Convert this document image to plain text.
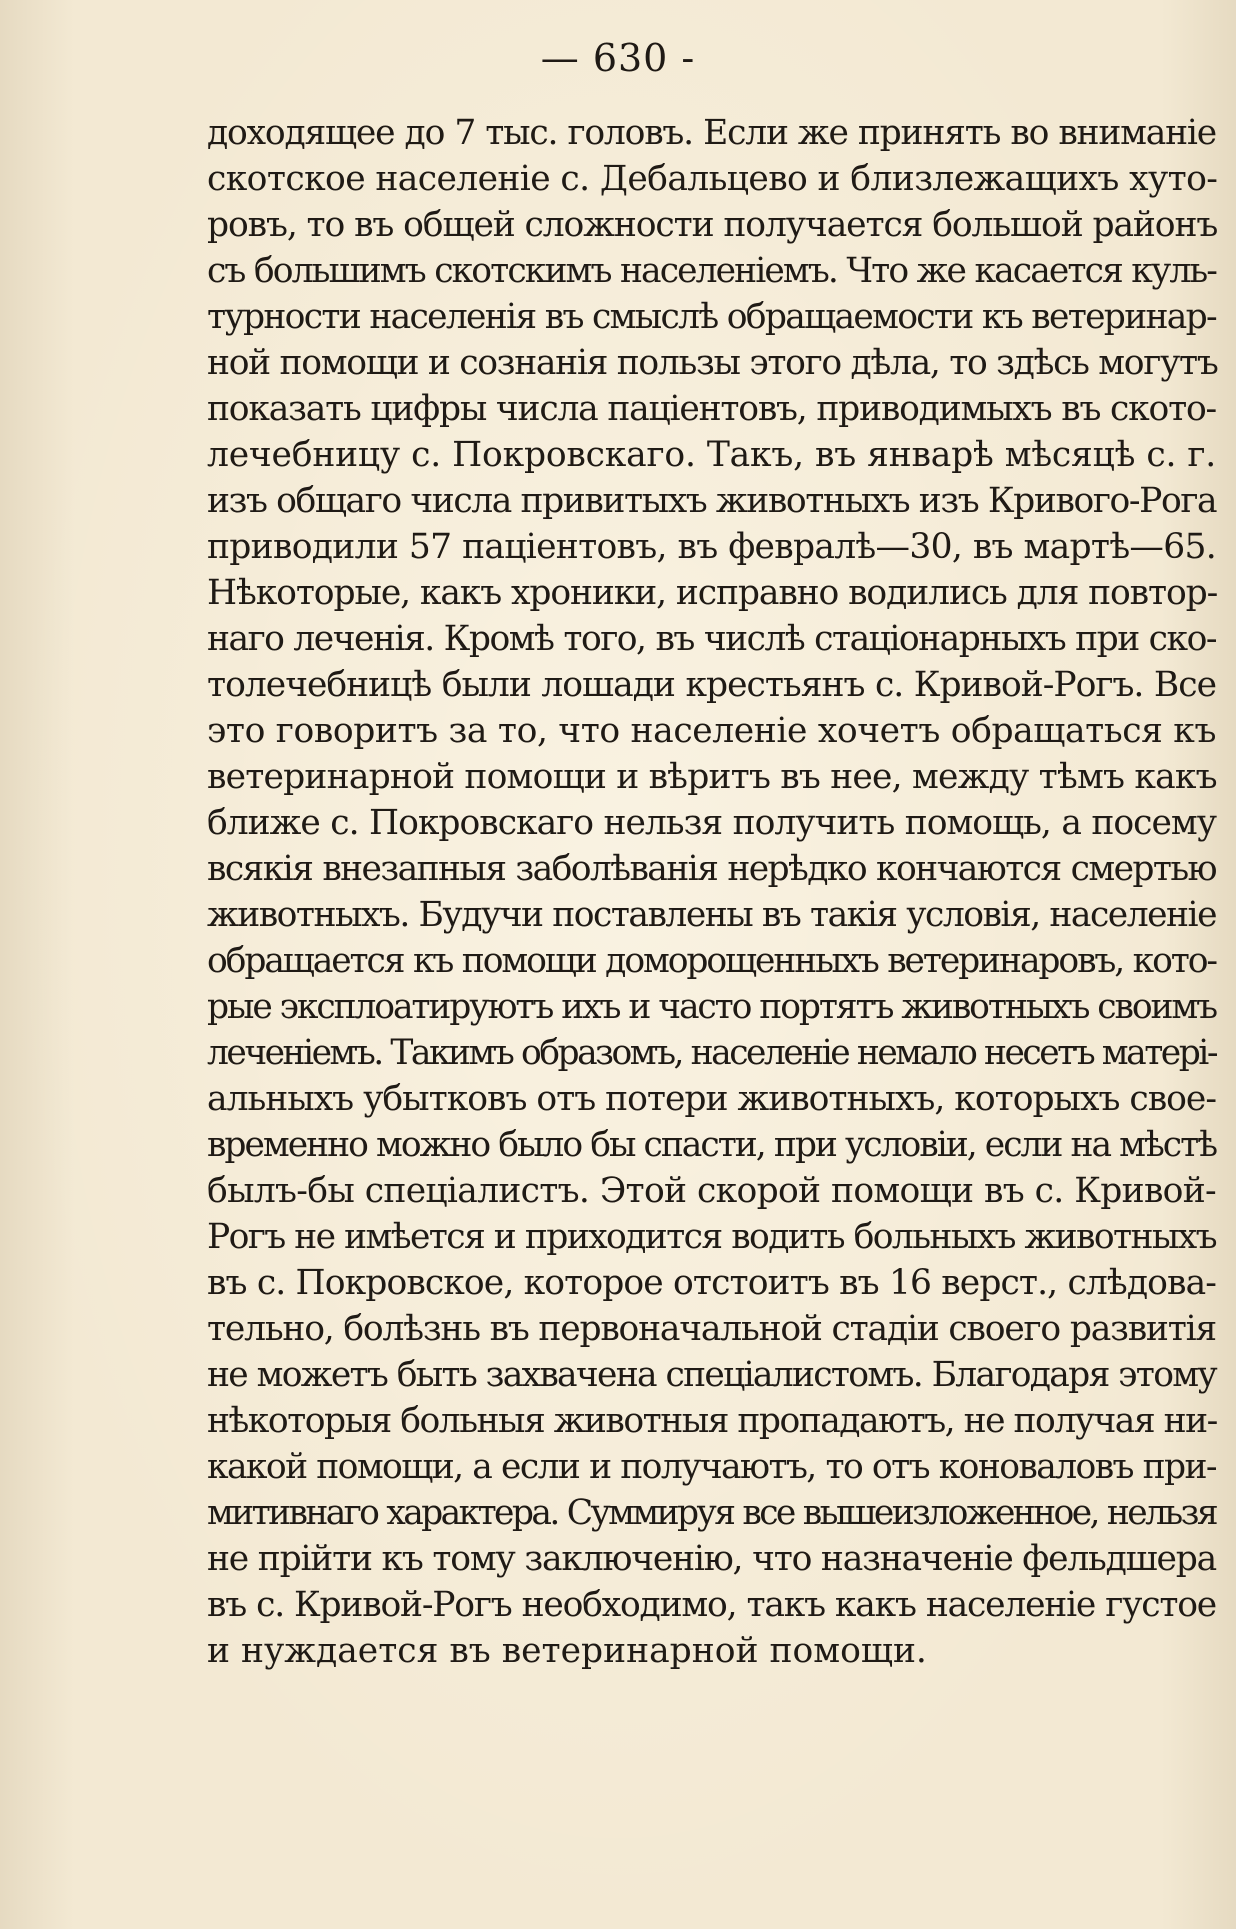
— 630 -
доходящее до 7 тыс. головъ. Если же принять во вниманіе
скотское населеніе с. Дебальцево и близлежащихъ хуто-
ровъ, то въ общей сложности получается большой районъ
съ большимъ скотскимъ населеніемъ. Что же касается куль-
турности населенія въ смыслѣ обращаемости къ ветеринар-
ной помощи и сознанія пользы этого дѣла, то здѣсь могутъ
показать цифры числа паціентовъ, приводимыхъ въ ското-
лечебницу с. Покровскаго. Такъ, въ январѣ мѣсяцѣ с. г.
изъ общаго числа привитыхъ животныхъ изъ Кривого-Рога
приводили 57 паціентовъ, въ февралѣ—30, въ мартѣ—65.
Нѣкоторые, какъ хроники, исправно водились для повтор-
наго леченія. Кромѣ того, въ числѣ стаціонарныхъ при ско-
толечебницѣ были лошади крестьянъ с. Кривой-Рогъ. Все
это говоритъ за то, что населеніе хочетъ обращаться къ
ветеринарной помощи и вѣритъ въ нее, между тѣмъ какъ
ближе с. Покровскаго нельзя получить помощь, а посему
всякія внезапныя заболѣванія нерѣдко кончаются смертью
животныхъ. Будучи поставлены въ такія условія, населеніе
обращается къ помощи доморощенныхъ ветеринаровъ, кото-
рые эксплоатируютъ ихъ и часто портятъ животныхъ своимъ
леченіемъ. Такимъ образомъ, населеніе немало несетъ матері-
альныхъ убытковъ отъ потери животныхъ, которыхъ свое-
временно можно было бы спасти, при условіи, если на мѣстѣ
былъ-бы спеціалистъ. Этой скорой помощи въ с. Кривой-
Рогъ не имѣется и приходится водить больныхъ животныхъ
въ с. Покровское, которое отстоитъ въ 16 верст., слѣдова-
тельно, болѣзнь въ первоначальной стадіи своего развитія
не можетъ быть захвачена спеціалистомъ. Благодаря этому
нѣкоторыя больныя животныя пропадаютъ, не получая ни-
какой помощи, а если и получаютъ, то отъ коноваловъ при-
митивнаго характера. Суммируя все вышеизложенное, нельзя
не прійти къ тому заключенію, что назначеніе фельдшера
въ с. Кривой-Рогъ необходимо, такъ какъ населеніе густое
и нуждается въ ветеринарной помощи.
